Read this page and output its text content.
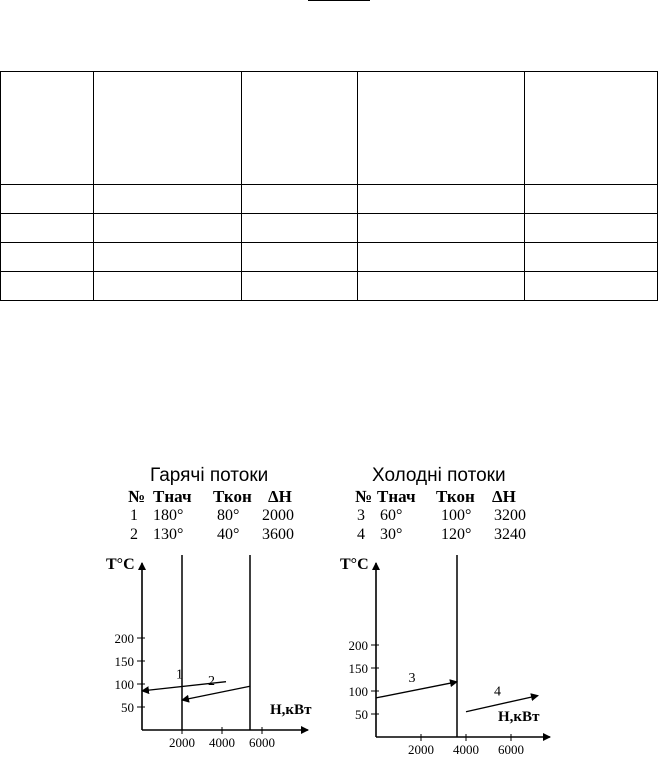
Гарячі потоки
№ Тнач Ткон ΔH
1 180° 80° 2000
2 130° 40° 3600
Холодні потоки
№ Тнач Ткон ΔH
3 60° 100° 3200
4 30° 120° 3240
T°C
H,кВт
50
100
150
200
2000 4000 6000
1 2
T°C
H,кВт
50
100
150
200
2000 4000 6000
3
4
